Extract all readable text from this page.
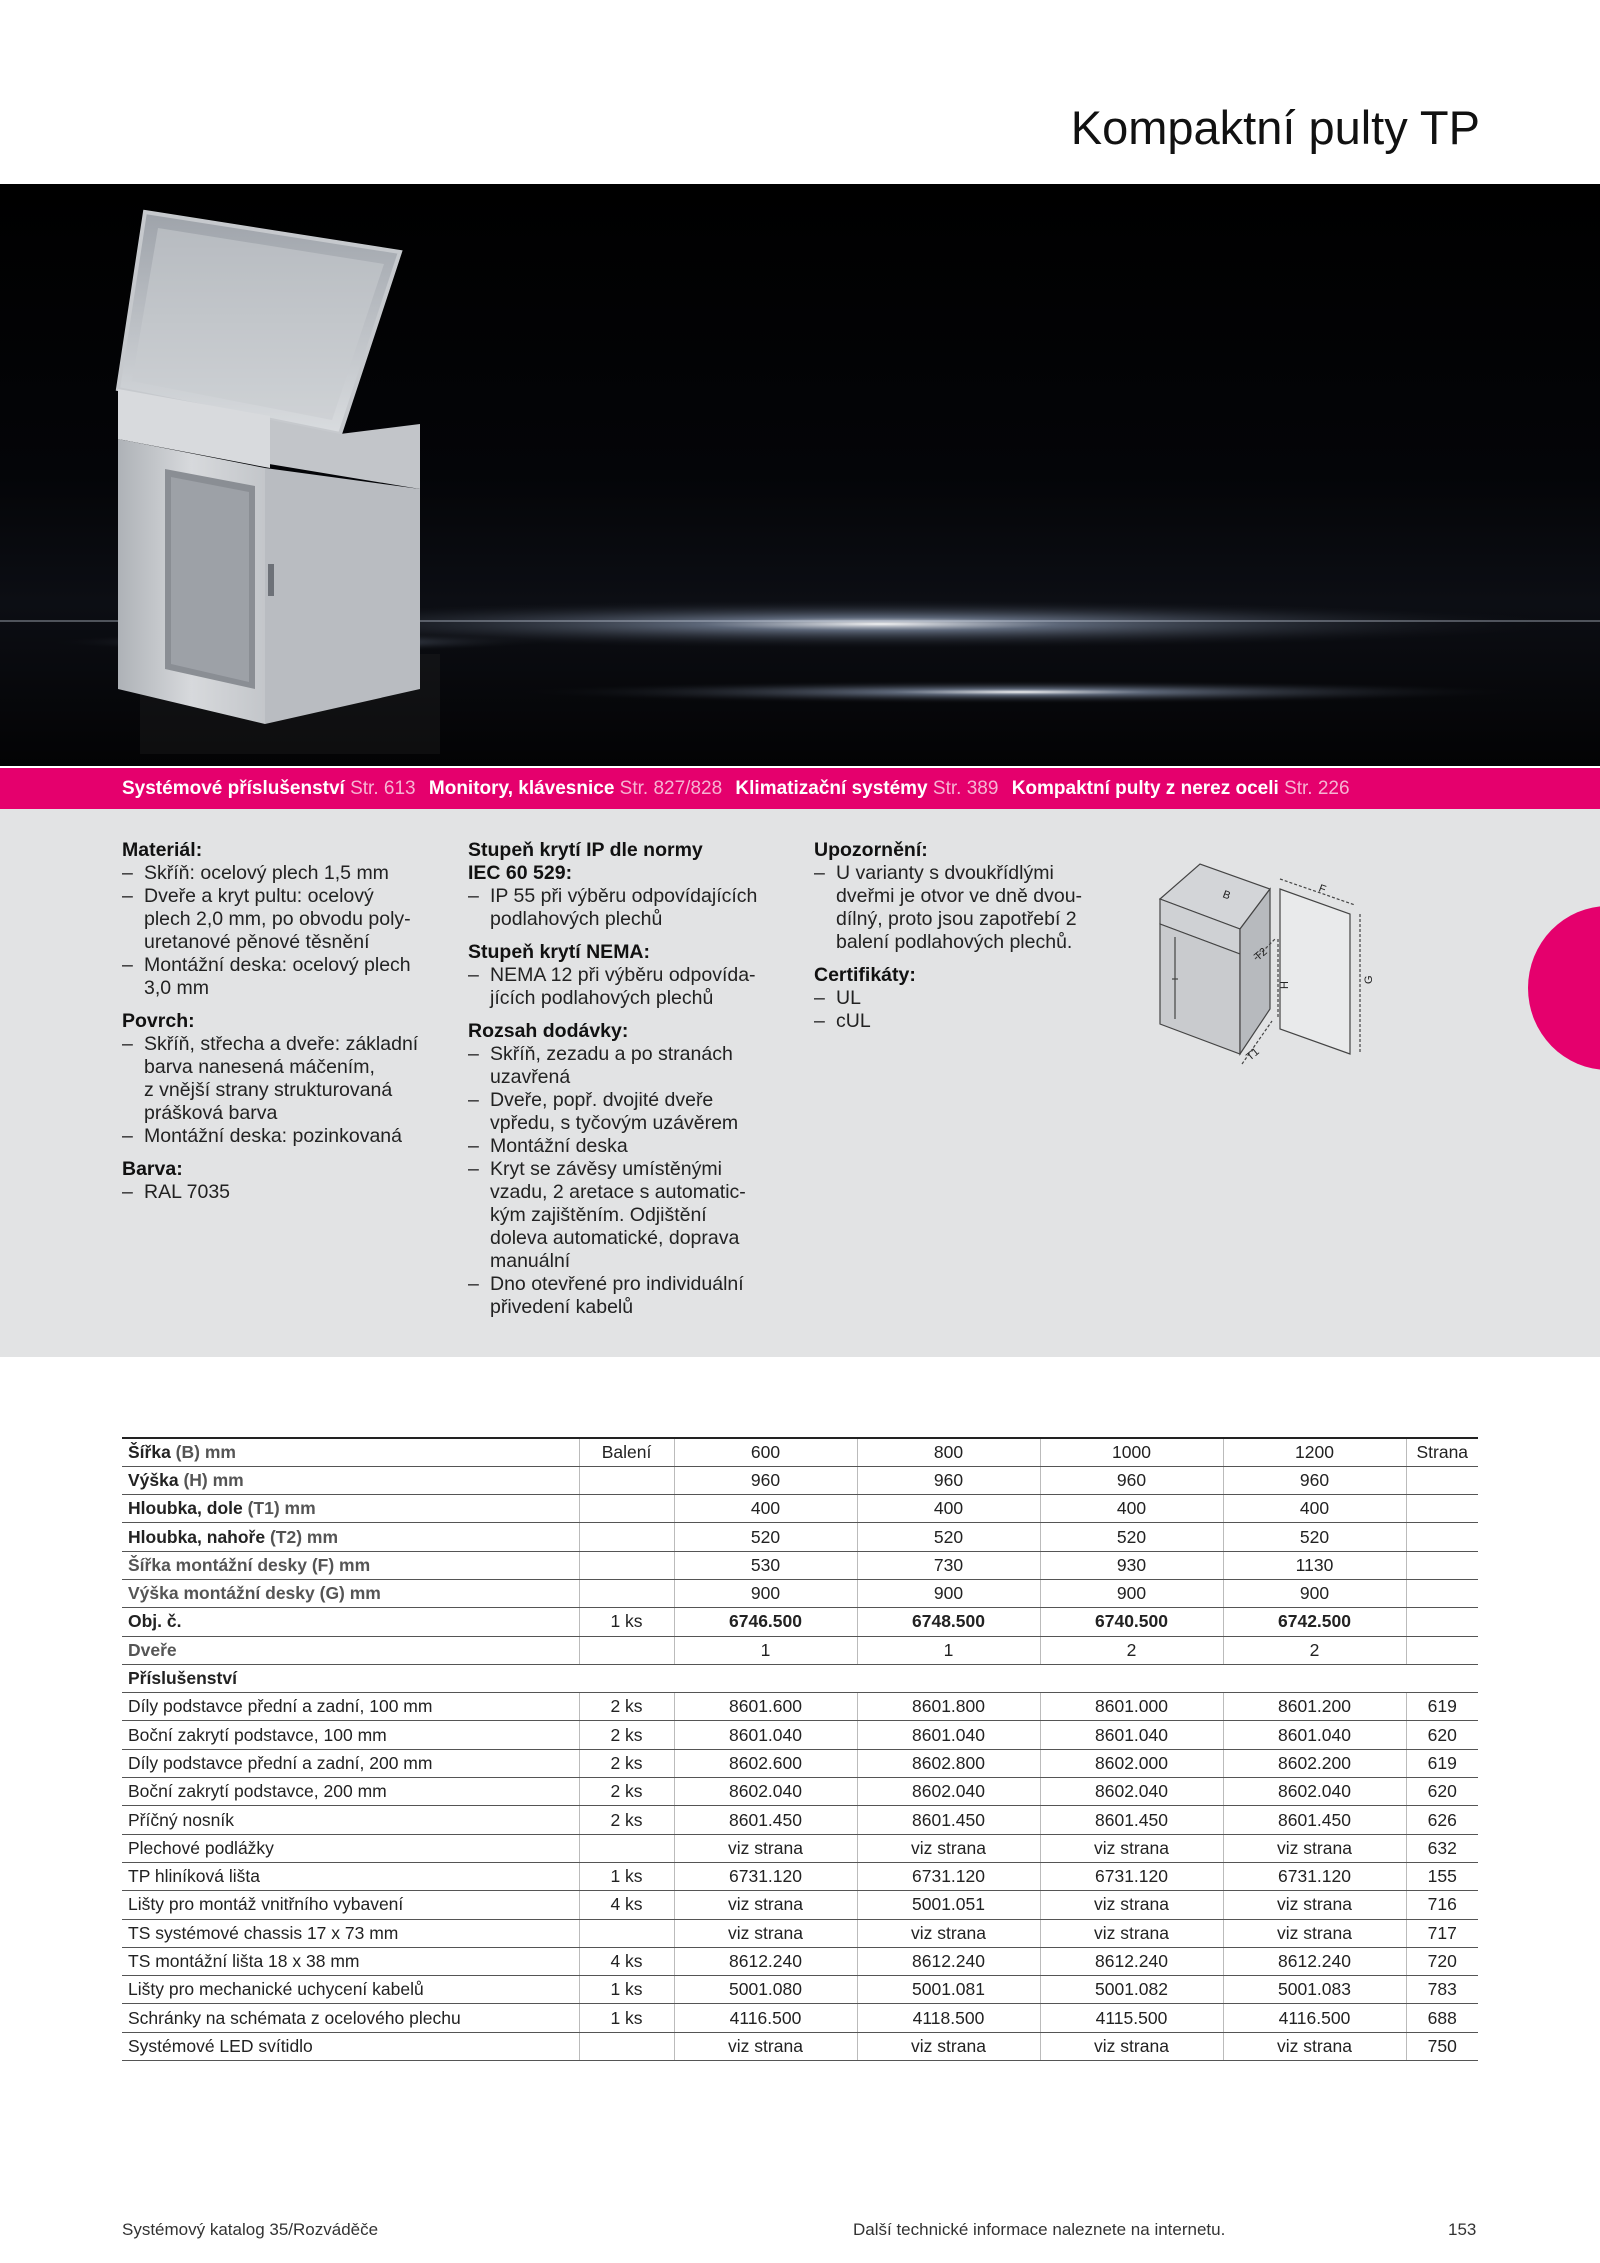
Kompaktní pulty TP
Systémové příslušenství Str. 613 Monitory, klávesnice Str. 827/828 Klimatizační systémy Str. 389 Kompaktní pulty z nerez oceli Str. 226
Materiál:
– Skříň: ocelový plech 1,5 mm
– Dveře a kryt pultu: ocelový
plech 2,0 mm, po obvodu poly-
uretanové pěnové těsnění
– Montážní deska: ocelový plech
3,0 mm
Povrch:
– Skříň, střecha a dveře: základní
barva nanesená máčením,
z vnější strany strukturovaná
prášková barva
– Montážní deska: pozinkovaná
Barva:
– RAL 7035
Stupeň krytí IP dle normy
IEC 60 529:
– IP 55 při výběru odpovídajících
podlahových plechů
Stupeň krytí NEMA:
– NEMA 12 při výběru odpovída-
jících podlahových plechů
Rozsah dodávky:
– Skříň, zezadu a po stranách
uzavřená
– Dveře, popř. dvojité dveře
vpředu, s tyčovým uzávěrem
– Montážní deska
– Kryt se závěsy umístěnými
vzadu, 2 aretace s automatic-
kým zajištěním. Odjištění
doleva automatické, doprava
manuální
– Dno otevřené pro individuální
přivedení kabelů
Upozornění:
– U varianty s dvoukřídlými
dveřmi je otvor ve dně dvou-
dílný, proto jsou zapotřebí 2
balení podlahových plechů.
Certifikáty:
– UL
– cUL
B	F
T2
H
G
T1
Šířka (B) mm	Balení	600	800	1000	1200	Strana
Výška (H) mm		960	960	960	960	
Hloubka, dole (T1) mm		400	400	400	400	
Hloubka, nahoře (T2) mm		520	520	520	520	
Šířka montážní desky (F) mm		530	730	930	1130	
Výška montážní desky (G) mm		900	900	900	900	
Obj. č.	1 ks	6746.500	6748.500	6740.500	6742.500	
Dveře		1	1	2	2	
Příslušenství						
Díly podstavce přední a zadní, 100 mm	2 ks	8601.600	8601.800	8601.000	8601.200	619
Boční zakrytí podstavce, 100 mm	2 ks	8601.040	8601.040	8601.040	8601.040	620
Díly podstavce přední a zadní, 200 mm	2 ks	8602.600	8602.800	8602.000	8602.200	619
Boční zakrytí podstavce, 200 mm	2 ks	8602.040	8602.040	8602.040	8602.040	620
Příčný nosník	2 ks	8601.450	8601.450	8601.450	8601.450	626
Plechové podlážky		viz strana	viz strana	viz strana	viz strana	632
TP hliníková lišta	1 ks	6731.120	6731.120	6731.120	6731.120	155
Lišty pro montáž vnitřního vybavení	4 ks	viz strana	5001.051	viz strana	viz strana	716
TS systémové chassis 17 x 73 mm		viz strana	viz strana	viz strana	viz strana	717
TS montážní lišta 18 x 38 mm	4 ks	8612.240	8612.240	8612.240	8612.240	720
Lišty pro mechanické uchycení kabelů	1 ks	5001.080	5001.081	5001.082	5001.083	783
Schránky na schémata z ocelového plechu	1 ks	4116.500	4118.500	4115.500	4116.500	688
Systémové LED svítidlo		viz strana	viz strana	viz strana	viz strana	750
Systémový katalog 35/Rozváděče	Další technické informace naleznete na internetu.	153
